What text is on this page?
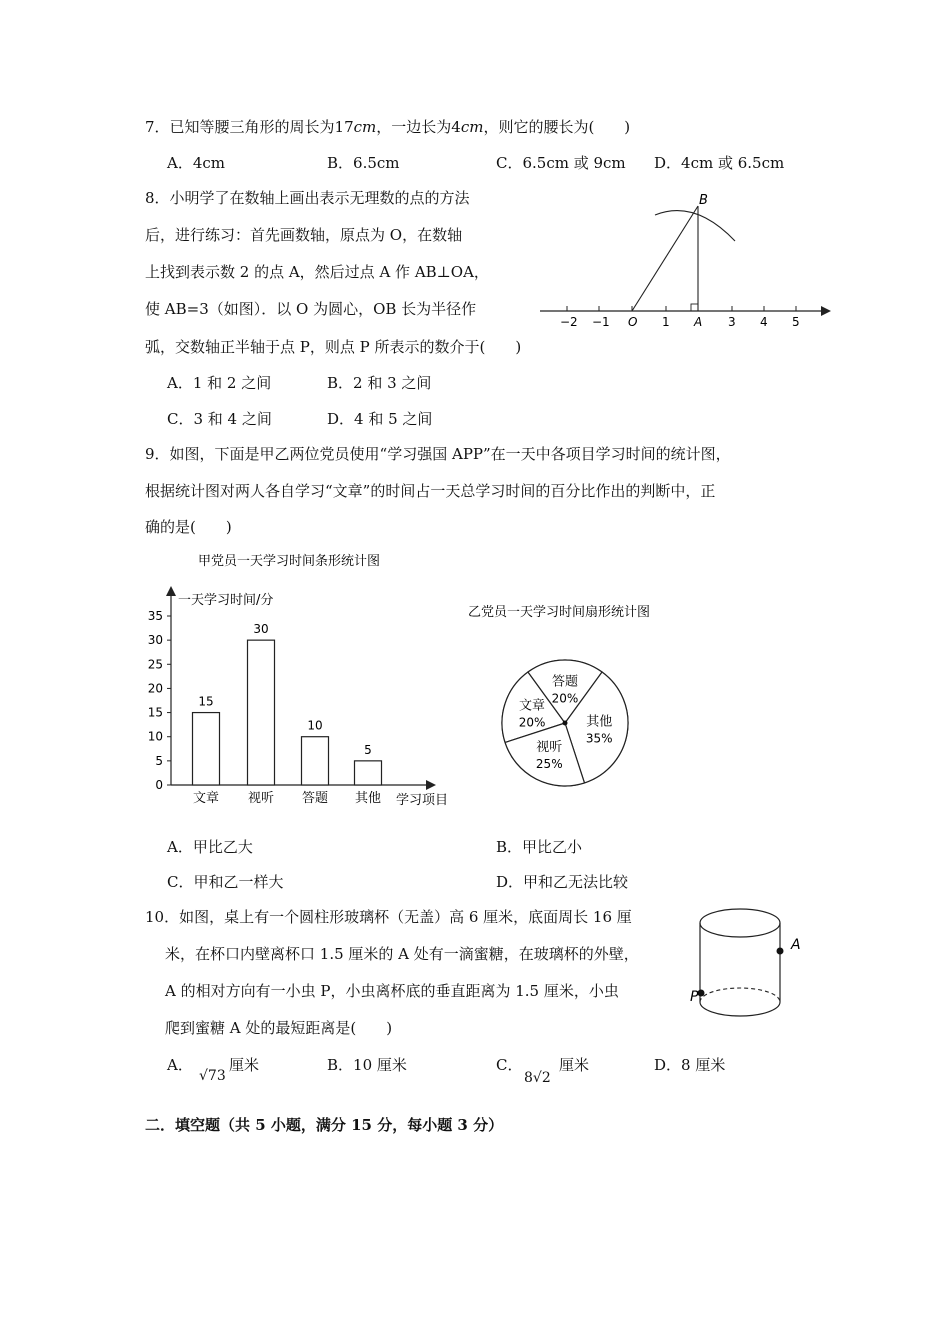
7．已知等腰三角形的周长为17cm，一边长为4cm，则它的腰长为(　　)
A．4cm	B．6.5cm	C．6.5cm 或 9cm D．4cm 或 6.5cm
8．小明学了在数轴上画出表示无理数的点的方法
后，进行练习：首先画数轴，原点为 O，在数轴
上找到表示数 2 的点 A，然后过点 A 作 AB⊥OA，
使 AB=3（如图）．以 O 为圆心，OB 长为半径作
弧，交数轴正半轴于点 P，则点 P 所表示的数介于(　　)
A．1 和 2 之间	B．2 和 3 之间
C．3 和 4 之间	D．4 和 5 之间
B
−2 −1 O 1 A 3 4 5
9．如图，下面是甲乙两位党员使用“学习强国 APP”在一天中各项目学习时间的统计图，
根据统计图对两人各自学习“文章”的时间占一天总学习时间的百分比作出的判断中，正
确的是(　　)
甲党员一天学习时间条形统计图
一天学习时间/分
学习项目
0
5
10
15
20
25
30
35
15
文章
30
视听
10
答题
5
其他
乙党员一天学习时间扇形统计图
文章
20%
答题
20%
其他
35%
视听
25%
A．甲比乙大	B．甲比乙小
C．甲和乙一样大	D．甲和乙无法比较
10．如图，桌上有一个圆柱形玻璃杯（无盖）高 6 厘米，底面周长 16 厘
米，在杯口内壁离杯口 1.5 厘米的 A 处有一滴蜜糖，在玻璃杯的外壁，
A 的相对方向有一小虫 P，小虫离杯底的垂直距离为 1.5 厘米，小虫
爬到蜜糖 A 处的最短距离是(　　)
A
P
A．
√73
厘米	B．10 厘米	C．
8√2
厘米	D．8 厘米
二．填空题（共 5 小题，满分 15 分，每小题 3 分）
